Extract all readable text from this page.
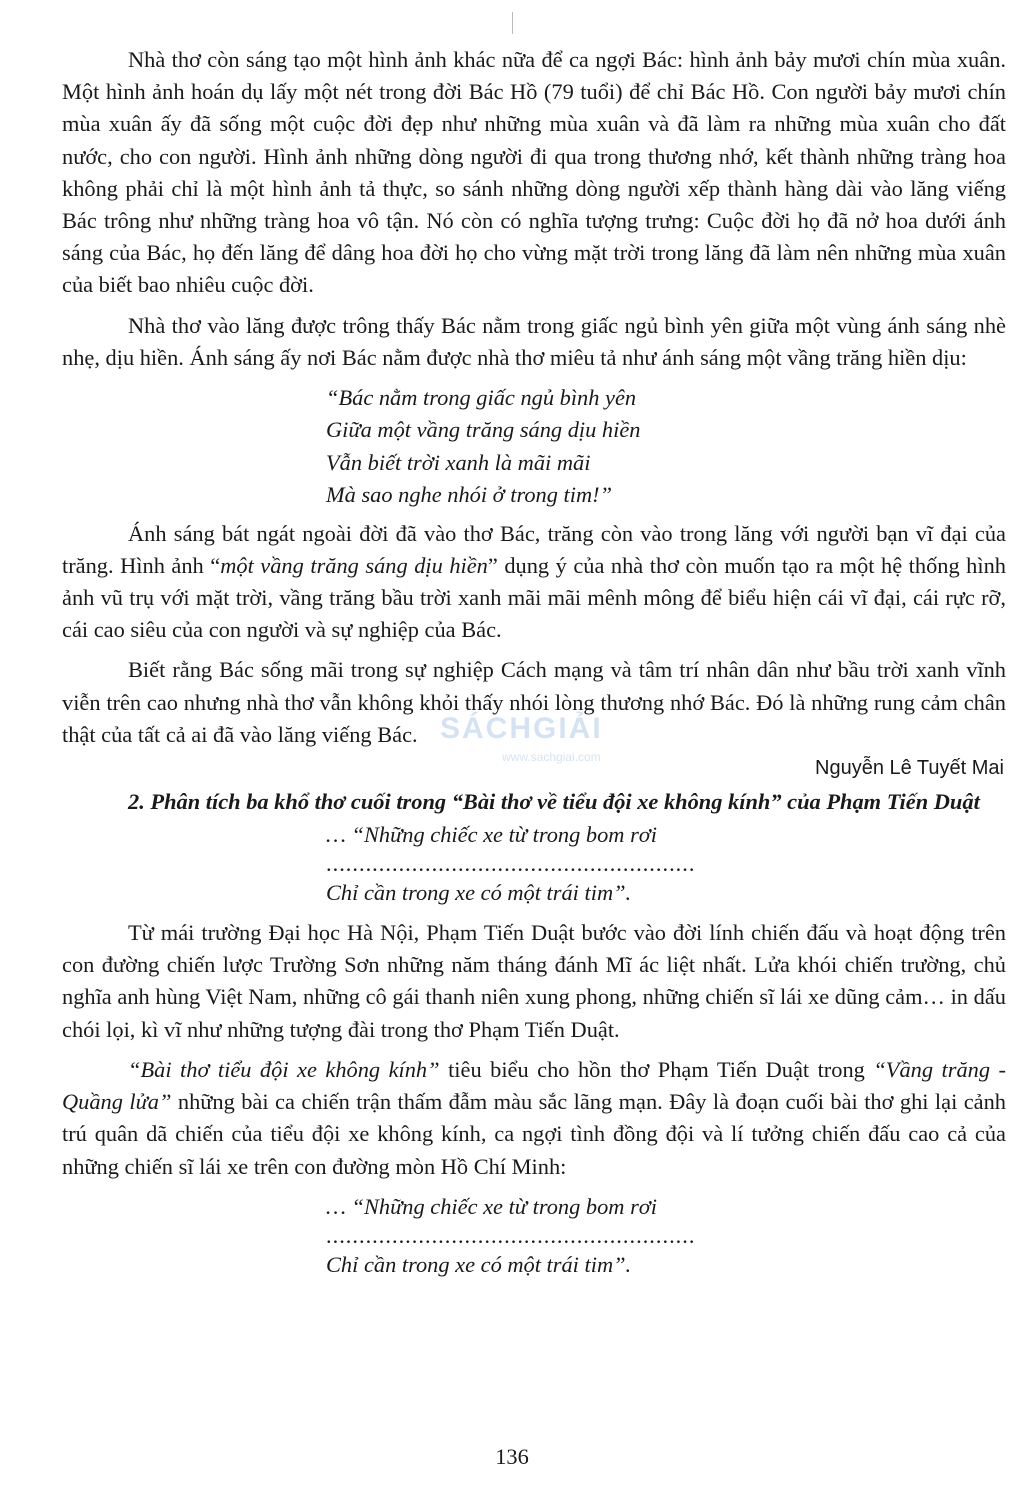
Nhà thơ còn sáng tạo một hình ảnh khác nữa để ca ngợi Bác: hình ảnh bảy mươi chín mùa xuân. Một hình ảnh hoán dụ lấy một nét trong đời Bác Hồ (79 tuổi) để chỉ Bác Hồ. Con người bảy mươi chín mùa xuân ấy đã sống một cuộc đời đẹp như những mùa xuân và đã làm ra những mùa xuân cho đất nước, cho con người. Hình ảnh những dòng người đi qua trong thương nhớ, kết thành những tràng hoa không phải chỉ là một hình ảnh tả thực, so sánh những dòng người xếp thành hàng dài vào lăng viếng Bác trông như những tràng hoa vô tận. Nó còn có nghĩa tượng trưng: Cuộc đời họ đã nở hoa dưới ánh sáng của Bác, họ đến lăng để dâng hoa đời họ cho vừng mặt trời trong lăng đã làm nên những mùa xuân của biết bao nhiêu cuộc đời.

Nhà thơ vào lăng được trông thấy Bác nằm trong giấc ngủ bình yên giữa một vùng ánh sáng nhè nhẹ, dịu hiền. Ánh sáng ấy nơi Bác nằm được nhà thơ miêu tả như ánh sáng một vầng trăng hiền dịu:

“Bác nằm trong giấc ngủ bình yên
Giữa một vầng trăng sáng dịu hiền
Vẫn biết trời xanh là mãi mãi
Mà sao nghe nhói ở trong tim!”

Ánh sáng bát ngát ngoài đời đã vào thơ Bác, trăng còn vào trong lăng với người bạn vĩ đại của trăng. Hình ảnh “một vầng trăng sáng dịu hiền” dụng ý của nhà thơ còn muốn tạo ra một hệ thống hình ảnh vũ trụ với mặt trời, vầng trăng bầu trời xanh mãi mãi mênh mông để biểu hiện cái vĩ đại, cái rực rỡ, cái cao siêu của con người và sự nghiệp của Bác.

Biết rằng Bác sống mãi trong sự nghiệp Cách mạng và tâm trí nhân dân như bầu trời xanh vĩnh viễn trên cao nhưng nhà thơ vẫn không khỏi thấy nhói lòng thương nhớ Bác. Đó là những rung cảm chân thật của tất cả ai đã vào lăng viếng Bác.

Nguyễn Lê Tuyết Mai

2. Phân tích ba khổ thơ cuối trong “Bài thơ về tiểu đội xe không kính” của Phạm Tiến Duật

… “Những chiếc xe từ trong bom rơi
........................................................
Chỉ cần trong xe có một trái tim”.

Từ mái trường Đại học Hà Nội, Phạm Tiến Duật bước vào đời lính chiến đấu và hoạt động trên con đường chiến lược Trường Sơn những năm tháng đánh Mĩ ác liệt nhất. Lửa khói chiến trường, chủ nghĩa anh hùng Việt Nam, những cô gái thanh niên xung phong, những chiến sĩ lái xe dũng cảm… in dấu chói lọi, kì vĩ như những tượng đài trong thơ Phạm Tiến Duật.

“Bài thơ tiểu đội xe không kính” tiêu biểu cho hồn thơ Phạm Tiến Duật trong “Vầng trăng - Quầng lửa” những bài ca chiến trận thấm đẫm màu sắc lãng mạn. Đây là đoạn cuối bài thơ ghi lại cảnh trú quân dã chiến của tiểu đội xe không kính, ca ngợi tình đồng đội và lí tưởng chiến đấu cao cả của những chiến sĩ lái xe trên con đường mòn Hồ Chí Minh:

… “Những chiếc xe từ trong bom rơi
........................................................
Chỉ cần trong xe có một trái tim”.
SÁCHGIẢI
www.sachgiai.com
136
